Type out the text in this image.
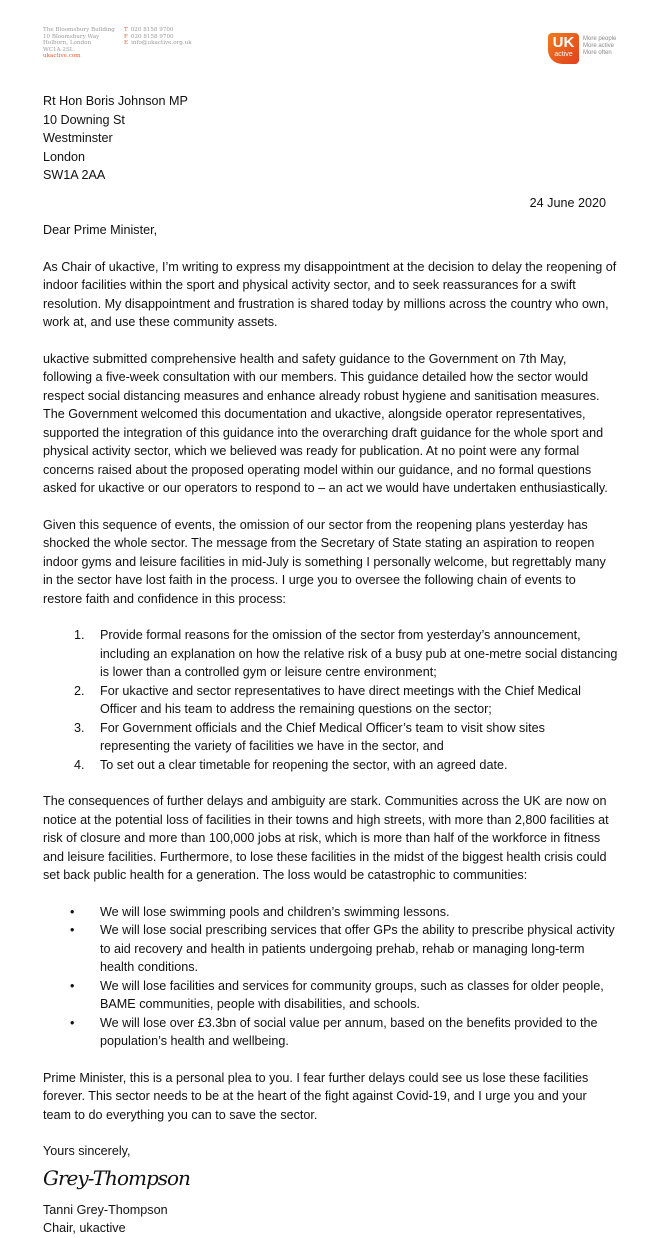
The Bloomsbury Building
10 Bloomsbury Way
Holborn, London
WC1A 2SL
ukactive.com
T 020 8158 9700
F 020 8158 9700
E info@ukactive.org.uk	UK
active
More people
More active
More often
Rt Hon Boris Johnson MP
10 Downing St
Westminster
London
SW1A 2AA
24 June 2020

Dear Prime Minister,

As Chair of ukactive, I’m writing to express my disappointment at the decision to delay the reopening of indoor facilities within the sport and physical activity sector, and to seek reassurances for a swift resolution. My disappointment and frustration is shared today by millions across the country who own, work at, and use these community assets.

ukactive submitted comprehensive health and safety guidance to the Government on 7th May, following a five-week consultation with our members. This guidance detailed how the sector would respect social distancing measures and enhance already robust hygiene and sanitisation measures. The Government welcomed this documentation and ukactive, alongside operator representatives, supported the integration of this guidance into the overarching draft guidance for the whole sport and physical activity sector, which we believed was ready for publication. At no point were any formal concerns raised about the proposed operating model within our guidance, and no formal questions asked for ukactive or our operators to respond to – an act we would have undertaken enthusiastically.

Given this sequence of events, the omission of our sector from the reopening plans yesterday has shocked the whole sector. The message from the Secretary of State stating an aspiration to reopen indoor gyms and leisure facilities in mid-July is something I personally welcome, but regrettably many in the sector have lost faith in the process. I urge you to oversee the following chain of events to restore faith and confidence in this process:

1. Provide formal reasons for the omission of the sector from yesterday’s announcement, including an explanation on how the relative risk of a busy pub at one-metre social distancing is lower than a controlled gym or leisure centre environment;
2. For ukactive and sector representatives to have direct meetings with the Chief Medical Officer and his team to address the remaining questions on the sector;
3. For Government officials and the Chief Medical Officer’s team to visit show sites representing the variety of facilities we have in the sector, and
4. To set out a clear timetable for reopening the sector, with an agreed date.

The consequences of further delays and ambiguity are stark. Communities across the UK are now on notice at the potential loss of facilities in their towns and high streets, with more than 2,800 facilities at risk of closure and more than 100,000 jobs at risk, which is more than half of the workforce in fitness and leisure facilities. Furthermore, to lose these facilities in the midst of the biggest health crisis could set back public health for a generation. The loss would be catastrophic to communities:

• We will lose swimming pools and children’s swimming lessons.
• We will lose social prescribing services that offer GPs the ability to prescribe physical activity to aid recovery and health in patients undergoing prehab, rehab or managing long-term health conditions.
• We will lose facilities and services for community groups, such as classes for older people, BAME communities, people with disabilities, and schools.
• We will lose over £3.3bn of social value per annum, based on the benefits provided to the population’s health and wellbeing.

Prime Minister, this is a personal plea to you. I fear further delays could see us lose these facilities forever. This sector needs to be at the heart of the fight against Covid-19, and I urge you and your team to do everything you can to save the sector.

Yours sincerely,

Grey-Thompson

Tanni Grey-Thompson

Chair, ukactive
